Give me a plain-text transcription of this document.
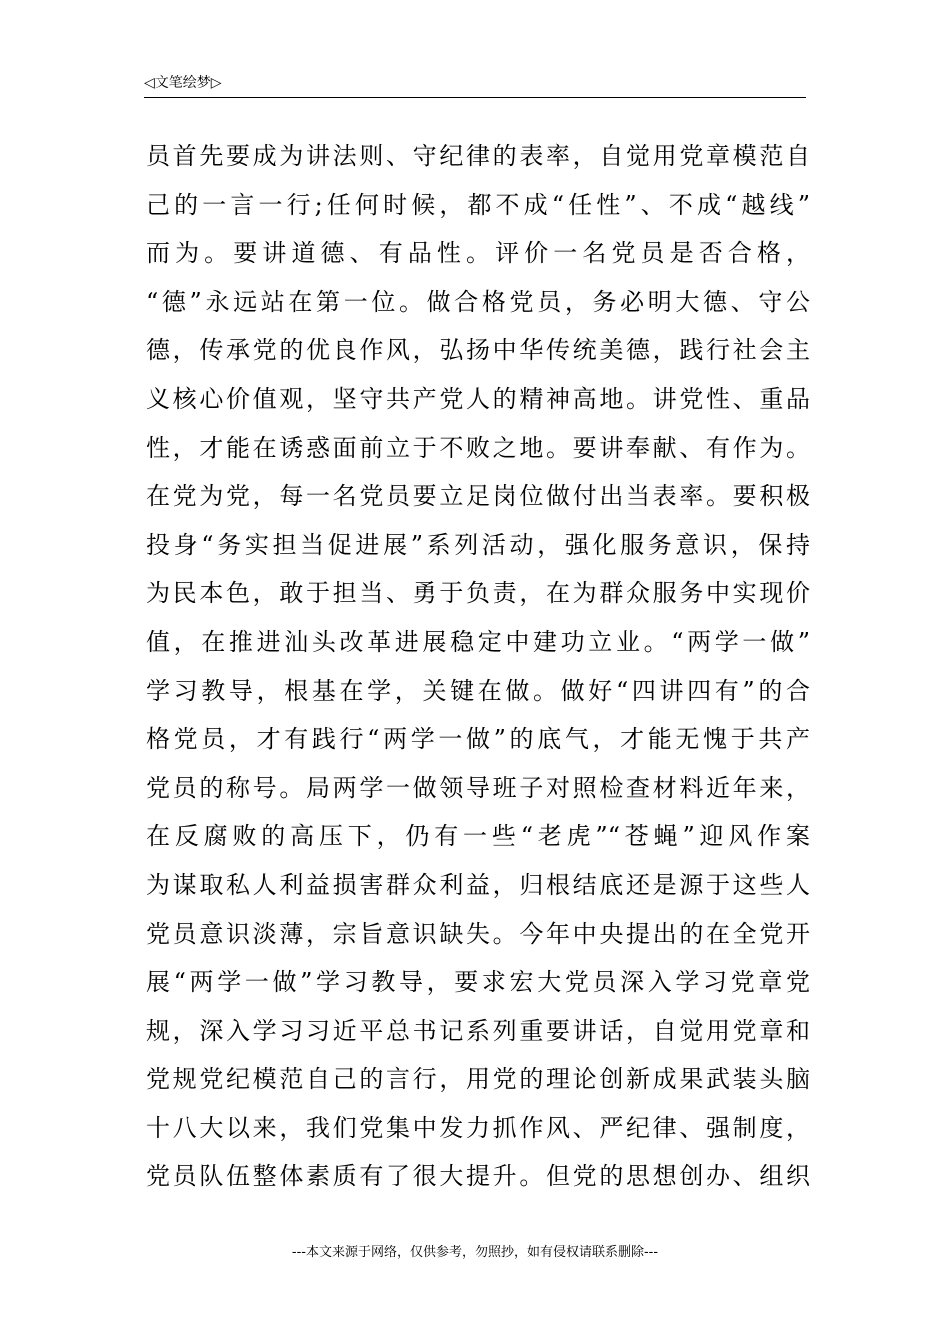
◁文笔绘梦▷
员首先要成为讲法则、守纪律的表率，自觉用党章模范自
己的一言一行;任何时候，都不成“任性”、不成“越线”
而为。要讲道德、有品性。评价一名党员是否合格，
“德”永远站在第一位。做合格党员，务必明大德、守公
德，传承党的优良作风，弘扬中华传统美德，践行社会主
义核心价值观，坚守共产党人的精神高地。讲党性、重品
性，才能在诱惑面前立于不败之地。要讲奉献、有作为。
在党为党，每一名党员要立足岗位做付出当表率。要积极
投身“务实担当促进展”系列活动，强化服务意识，保持
为民本色，敢于担当、勇于负责，在为群众服务中实现价
值，在推进汕头改革进展稳定中建功立业。“两学一做”
学习教导，根基在学，关键在做。做好“四讲四有”的合
格党员，才有践行“两学一做”的底气，才能无愧于共产
党员的称号。局两学一做领导班子对照检查材料近年来，
在反腐败的高压下，仍有一些“老虎”“苍蝇”迎风作案
为谋取私人利益损害群众利益，归根结底还是源于这些人
党员意识淡薄，宗旨意识缺失。今年中央提出的在全党开
展“两学一做”学习教导，要求宏大党员深入学习党章党
规，深入学习习近平总书记系列重要讲话，自觉用党章和
党规党纪模范自己的言行，用党的理论创新成果武装头脑
十八大以来，我们党集中发力抓作风、严纪律、强制度，
党员队伍整体素质有了很大提升。但党的思想创办、组织
---本文来源于网络，仅供参考，勿照抄，如有侵权请联系删除---
